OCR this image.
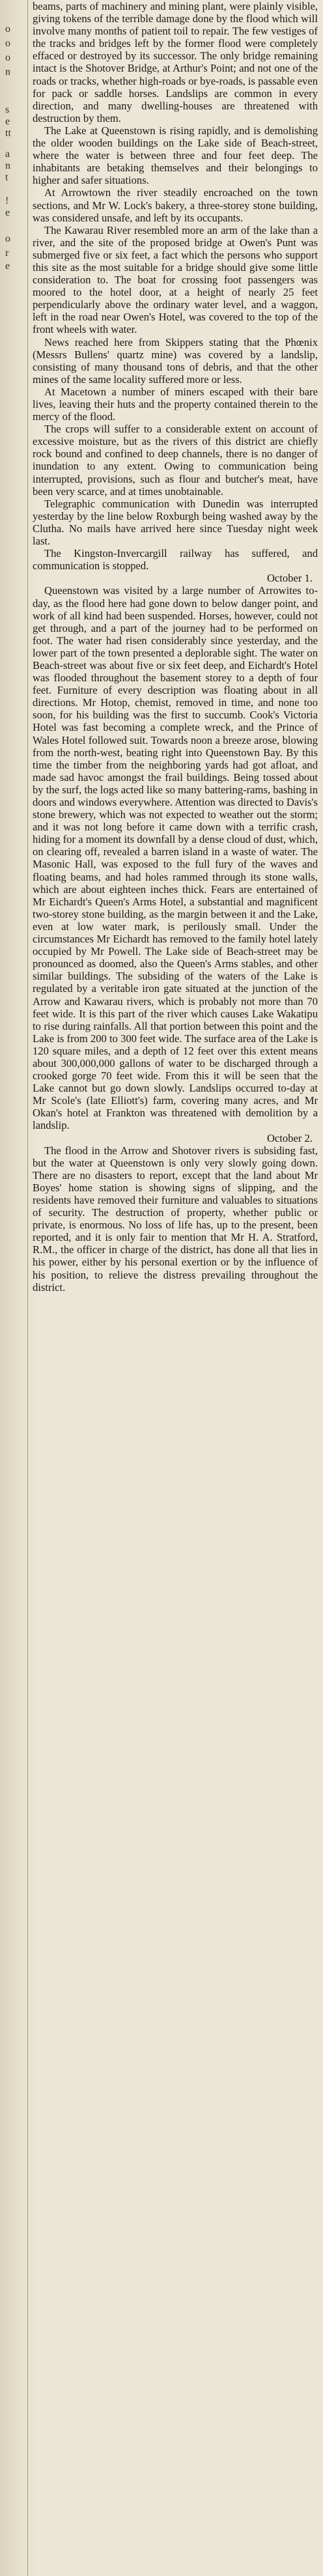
o
o
o
n
s
e
tt
a
n
t
!
e
o
r
e

beams, parts of machinery and mining plant, were plainly visible, giving tokens of the terrible damage done by the flood which will involve many months of patient toil to repair. The few vestiges of the tracks and bridges left by the former flood were completely effaced or destroyed by its successor. The only bridge remaining intact is the Shotover Bridge, at Arthur's Point; and not one of the roads or tracks, whether high-roads or bye-roads, is passable even for pack or saddle horses. Landslips are common in every direction, and many dwelling-houses are threatened with destruction by them.

The Lake at Queenstown is rising rapidly, and is demolishing the older wooden buildings on the Lake side of Beach-street, where the water is between three and four feet deep. The inhabitants are betaking themselves and their belongings to higher and safer situations.

At Arrowtown the river steadily encroached on the town sections, and Mr W. Lock's bakery, a three-storey stone building, was considered unsafe, and left by its occupants.

The Kawarau River resembled more an arm of the lake than a river, and the site of the proposed bridge at Owen's Punt was submerged five or six feet, a fact which the persons who support this site as the most suitable for a bridge should give some little consideration to. The boat for crossing foot passengers was moored to the hotel door, at a height of nearly 25 feet perpendicularly above the ordinary water level, and a waggon, left in the road near Owen's Hotel, was covered to the top of the front wheels with water.

News reached here from Skippers stating that the Phœnix (Messrs Bullens' quartz mine) was covered by a landslip, consisting of many thousand tons of debris, and that the other mines of the same locality suffered more or less.

At Macetown a number of miners escaped with their bare lives, leaving their huts and the property contained therein to the mercy of the flood.

The crops will suffer to a considerable extent on account of excessive moisture, but as the rivers of this district are chiefly rock bound and confined to deep channels, there is no danger of inundation to any extent. Owing to communication being interrupted, provisions, such as flour and butcher's meat, have been very scarce, and at times unobtainable.

Telegraphic communication with Dunedin was interrupted yesterday by the line below Roxburgh being washed away by the Clutha. No mails have arrived here since Tuesday night week last.

The Kingston-Invercargill railway has suffered, and communication is stopped.

October 1.

Queenstown was visited by a large number of Arrowites to-day, as the flood here had gone down to below danger point, and work of all kind had been suspended. Horses, however, could not get through, and a part of the journey had to be performed on foot. The water had risen considerably since yesterday, and the lower part of the town presented a deplorable sight. The water on Beach-street was about five or six feet deep, and Eichardt's Hotel was flooded throughout the basement storey to a depth of four feet. Furniture of every description was floating about in all directions. Mr Hotop, chemist, removed in time, and none too soon, for his building was the first to succumb. Cook's Victoria Hotel was fast becoming a complete wreck, and the Prince of Wales Hotel followed suit. Towards noon a breeze arose, blowing from the north-west, beating right into Queenstown Bay. By this time the timber from the neighboring yards had got afloat, and made sad havoc amongst the frail buildings. Being tossed about by the surf, the logs acted like so many battering-rams, bashing in doors and windows everywhere. Attention was directed to Davis's stone brewery, which was not expected to weather out the storm; and it was not long before it came down with a terrific crash, hiding for a moment its downfall by a dense cloud of dust, which, on clearing off, revealed a barren island in a waste of water. The Masonic Hall, was exposed to the full fury of the waves and floating beams, and had holes rammed through its stone walls, which are about eighteen inches thick. Fears are entertained of Mr Eichardt's Queen's Arms Hotel, a substantial and magnificent two-storey stone building, as the margin between it and the Lake, even at low water mark, is perilously small. Under the circumstances Mr Eichardt has removed to the family hotel lately occupied by Mr Powell. The Lake side of Beach-street may be pronounced as doomed, also the Queen's Arms stables, and other similar buildings. The subsiding of the waters of the Lake is regulated by a veritable iron gate situated at the junction of the Arrow and Kawarau rivers, which is probably not more than 70 feet wide. It is this part of the river which causes Lake Wakatipu to rise during rainfalls. All that portion between this point and the Lake is from 200 to 300 feet wide. The surface area of the Lake is 120 square miles, and a depth of 12 feet over this extent means about 300,000,000 gallons of water to be discharged through a crooked gorge 70 feet wide. From this it will be seen that the Lake cannot but go down slowly. Landslips occurred to-day at Mr Scole's (late Elliott's) farm, covering many acres, and Mr Okan's hotel at Frankton was threatened with demolition by a landslip.

October 2.

The flood in the Arrow and Shotover rivers is subsiding fast, but the water at Queenstown is only very slowly going down. There are no disasters to report, except that the land about Mr Boyes' home station is showing signs of slipping, and the residents have removed their furniture and valuables to situations of security. The destruction of property, whether public or private, is enormous. No loss of life has, up to the present, been reported, and it is only fair to mention that Mr H. A. Stratford, R.M., the officer in charge of the district, has done all that lies in his power, either by his personal exertion or by the influence of his position, to relieve the distress prevailing throughout the district.
